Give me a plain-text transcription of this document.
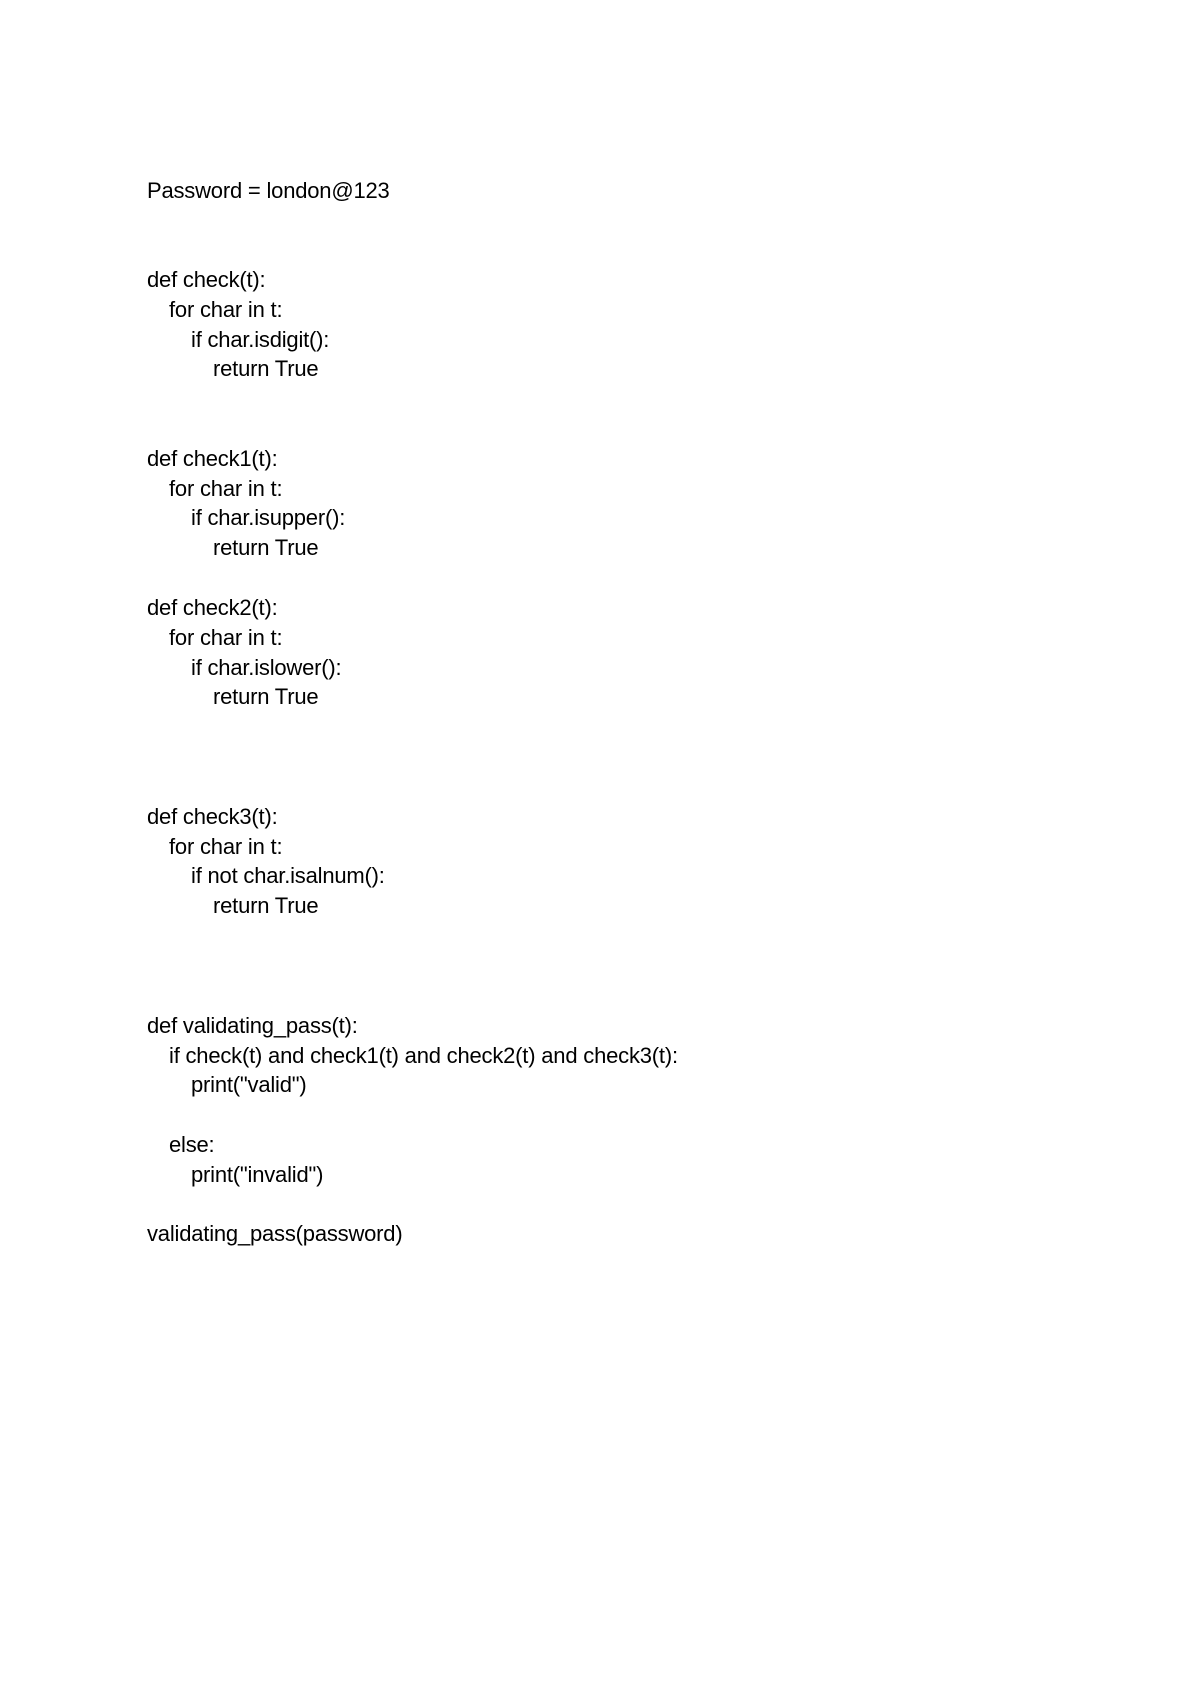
Password = london@123
def check(t):
for char in t:
if char.isdigit():
return True
def check1(t):
for char in t:
if char.isupper():
return True
def check2(t):
for char in t:
if char.islower():
return True
def check3(t):
for char in t:
if not char.isalnum():
return True
def validating_pass(t):
if check(t) and check1(t) and check2(t) and check3(t):
print("valid")
else:
print("invalid")
validating_pass(password)
